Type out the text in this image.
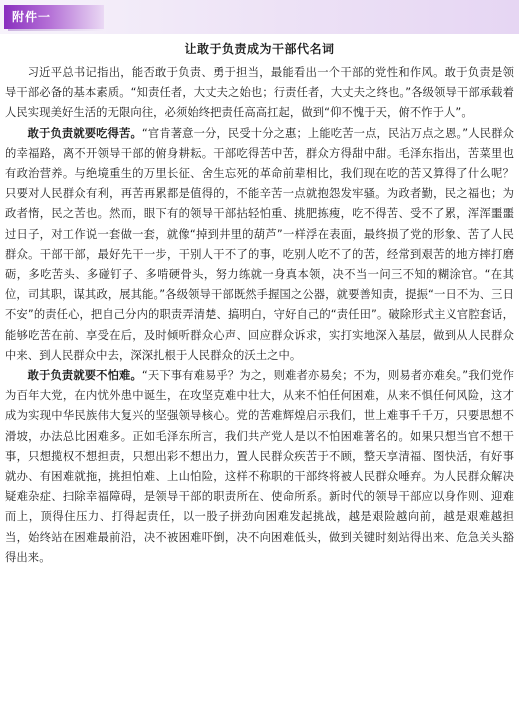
附件一
让敢于负责成为干部代名词

习近平总书记指出，能否敢于负责、勇于担当，最能看出一个干部的党性和作风。敢于负责是领导干部必备的基本素质。“知责任者，大丈夫之始也；行责任者，大丈夫之终也。”各级领导干部承载着人民实现美好生活的无限向往，必须始终把责任高高扛起，做到“仰不愧于天，俯不怍于人”。

敢于负责就要吃得苦。“官肯著意一分，民受十分之惠；上能吃苦一点，民沾万点之恩。”人民群众的幸福路，离不开领导干部的俯身耕耘。干部吃得苦中苦，群众方得甜中甜。毛泽东指出，苦菜里也有政治营养。与绝境重生的万里长征、舍生忘死的革命前辈相比，我们现在吃的苦又算得了什么呢？只要对人民群众有利，再苦再累都是值得的，不能辛苦一点就抱怨发牢骚。为政者勤，民之福也；为政者惰，民之苦也。然而，眼下有的领导干部拈轻怕重、挑肥拣瘦，吃不得苦、受不了累，浑浑噩噩过日子，对工作说一套做一套，就像“掉到井里的葫芦”一样浮在表面，最终损了党的形象、苦了人民群众。干部干部，最好先干一步，干别人干不了的事，吃别人吃不了的苦，经常到艰苦的地方摔打磨砺，多吃苦头、多碰钉子、多啃硬骨头，努力练就一身真本领，决不当一问三不知的糊涂官。“在其位，司其职，谋其政，展其能。”各级领导干部既然手握国之公器，就要善知责，提振“一日不为、三日不安”的责任心，把自己分内的职责弄清楚、搞明白，守好自己的“责任田”。破除形式主义官腔套话，能够吃苦在前、享受在后，及时倾听群众心声、回应群众诉求，实打实地深入基层，做到从人民群众中来、到人民群众中去，深深扎根于人民群众的沃土之中。

敢于负责就要不怕难。“天下事有难易乎？为之，则难者亦易矣；不为，则易者亦难矣。”我们党作为百年大党，在内忧外患中诞生，在攻坚克难中壮大，从来不怕任何困难，从来不惧任何风险，这才成为实现中华民族伟大复兴的坚强领导核心。党的苦难辉煌启示我们，世上难事千千万，只要思想不滑坡，办法总比困难多。正如毛泽东所言，我们共产党人是以不怕困难著名的。如果只想当官不想干事，只想揽权不想担责，只想出彩不想出力，置人民群众疾苦于不顾，整天享清福、图快活，有好事就办、有困难就拖，挑担怕难、上山怕险，这样不称职的干部终将被人民群众唾弃。为人民群众解决疑难杂症、扫除幸福障碍，是领导干部的职责所在、使命所系。新时代的领导干部应以身作则、迎难而上，顶得住压力、打得起责任，以一股子拼劲向困难发起挑战，越是艰险越向前，越是艰难越担当，始终站在困难最前沿，决不被困难吓倒，决不向困难低头，做到关键时刻站得出来、危急关头豁得出来。
